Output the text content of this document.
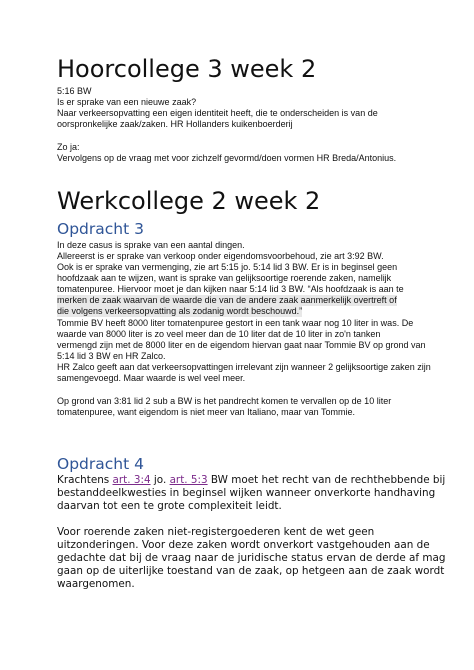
Hoorcollege 3 week 2
5:16 BW
Is er sprake van een nieuwe zaak?
Naar verkeersopvatting een eigen identiteit heeft, die te onderscheiden is van de
oorspronkelijke zaak/zaken. HR Hollanders kuikenboerderij
Zo ja:
Vervolgens op de vraag met voor zichzelf gevormd/doen vormen HR Breda/Antonius.
Werkcollege 2 week 2
Opdracht 3
In deze casus is sprake van een aantal dingen.
Allereerst is er sprake van verkoop onder eigendomsvoorbehoud, zie art 3:92 BW.
Ook is er sprake van vermenging, zie art 5:15 jo. 5:14 lid 3 BW. Er is in beginsel geen
hoofdzaak aan te wijzen, want is sprake van gelijksoortige roerende zaken, namelijk
tomatenpuree. Hiervoor moet je dan kijken naar 5:14 lid 3 BW. “Als hoofdzaak is aan te
merken de zaak waarvan de waarde die van de andere zaak aanmerkelijk overtreft of
die volgens verkeersopvatting als zodanig wordt beschouwd.”
Tommie BV heeft 8000 liter tomatenpuree gestort in een tank waar nog 10 liter in was. De
waarde van 8000 liter is zo veel meer dan de 10 liter dat de 10 liter in zo'n tanken
vermengd zijn met de 8000 liter en de eigendom hiervan gaat naar Tommie BV op grond van
5:14 lid 3 BW en HR Zalco.
HR Zalco geeft aan dat verkeersopvattingen irrelevant zijn wanneer 2 gelijksoortige zaken zijn
samengevoegd. Maar waarde is wel veel meer.
Op grond van 3:81 lid 2 sub a BW is het pandrecht komen te vervallen op de 10 liter
tomatenpuree, want eigendom is niet meer van Italiano, maar van Tommie.
Opdracht 4
Krachtens art. 3:4 jo. art. 5:3 BW moet het recht van de rechthebbende bij
bestanddeelkwesties in beginsel wijken wanneer onverkorte handhaving
daarvan tot een te grote complexiteit leidt.
Voor roerende zaken niet-registergoederen kent de wet geen
uitzonderingen. Voor deze zaken wordt onverkort vastgehouden aan de
gedachte dat bij de vraag naar de juridische status ervan de derde af mag
gaan op de uiterlijke toestand van de zaak, op hetgeen aan de zaak wordt
waargenomen.
